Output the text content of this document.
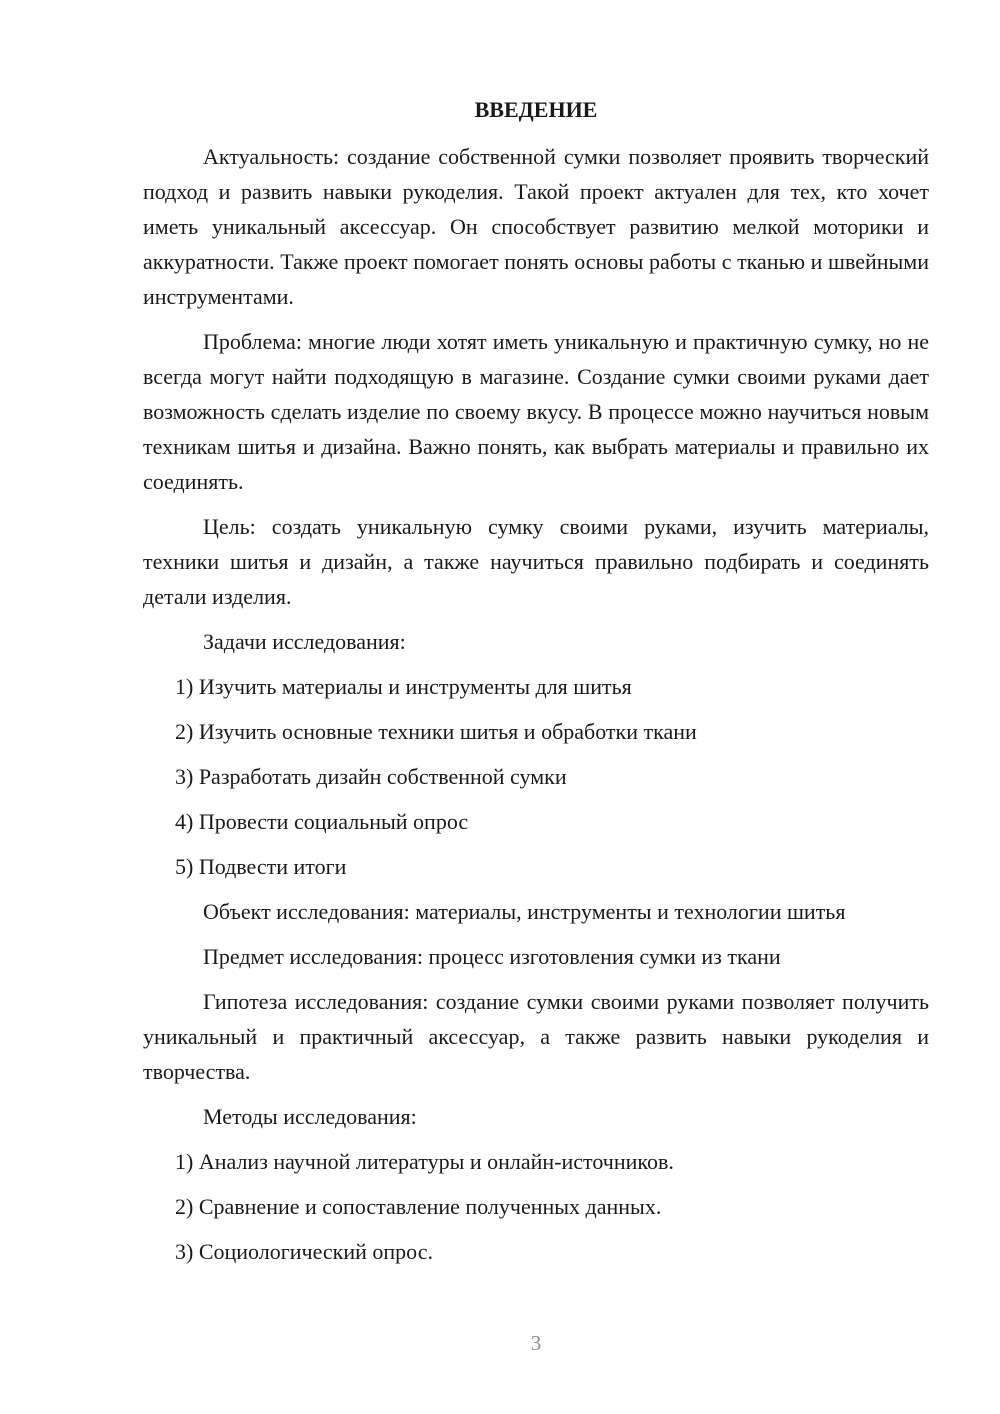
ВВЕДЕНИЕ

Актуальность: создание собственной сумки позволяет проявить творческий подход и развить навыки рукоделия. Такой проект актуален для тех, кто хочет иметь уникальный аксессуар. Он способствует развитию мелкой моторики и аккуратности. Также проект помогает понять основы работы с тканью и швейными инструментами.

Проблема: многие люди хотят иметь уникальную и практичную сумку, но не всегда могут найти подходящую в магазине. Создание сумки своими руками дает возможность сделать изделие по своему вкусу. В процессе можно научиться новым техникам шитья и дизайна. Важно понять, как выбрать материалы и правильно их соединять.

Цель: создать уникальную сумку своими руками, изучить материалы, техники шитья и дизайн, а также научиться правильно подбирать и соединять детали изделия.

Задачи исследования:

1) Изучить материалы и инструменты для шитья

2) Изучить основные техники шитья и обработки ткани

3) Разработать дизайн собственной сумки

4) Провести социальный опрос

5) Подвести итоги

Объект исследования: материалы, инструменты и технологии шитья

Предмет исследования: процесс изготовления сумки из ткани

Гипотеза исследования: создание сумки своими руками позволяет получить уникальный и практичный аксессуар, а также развить навыки рукоделия и творчества.

Методы исследования:

1) Анализ научной литературы и онлайн-источников.

2) Сравнение и сопоставление полученных данных.

3) Социологический опрос.

3
